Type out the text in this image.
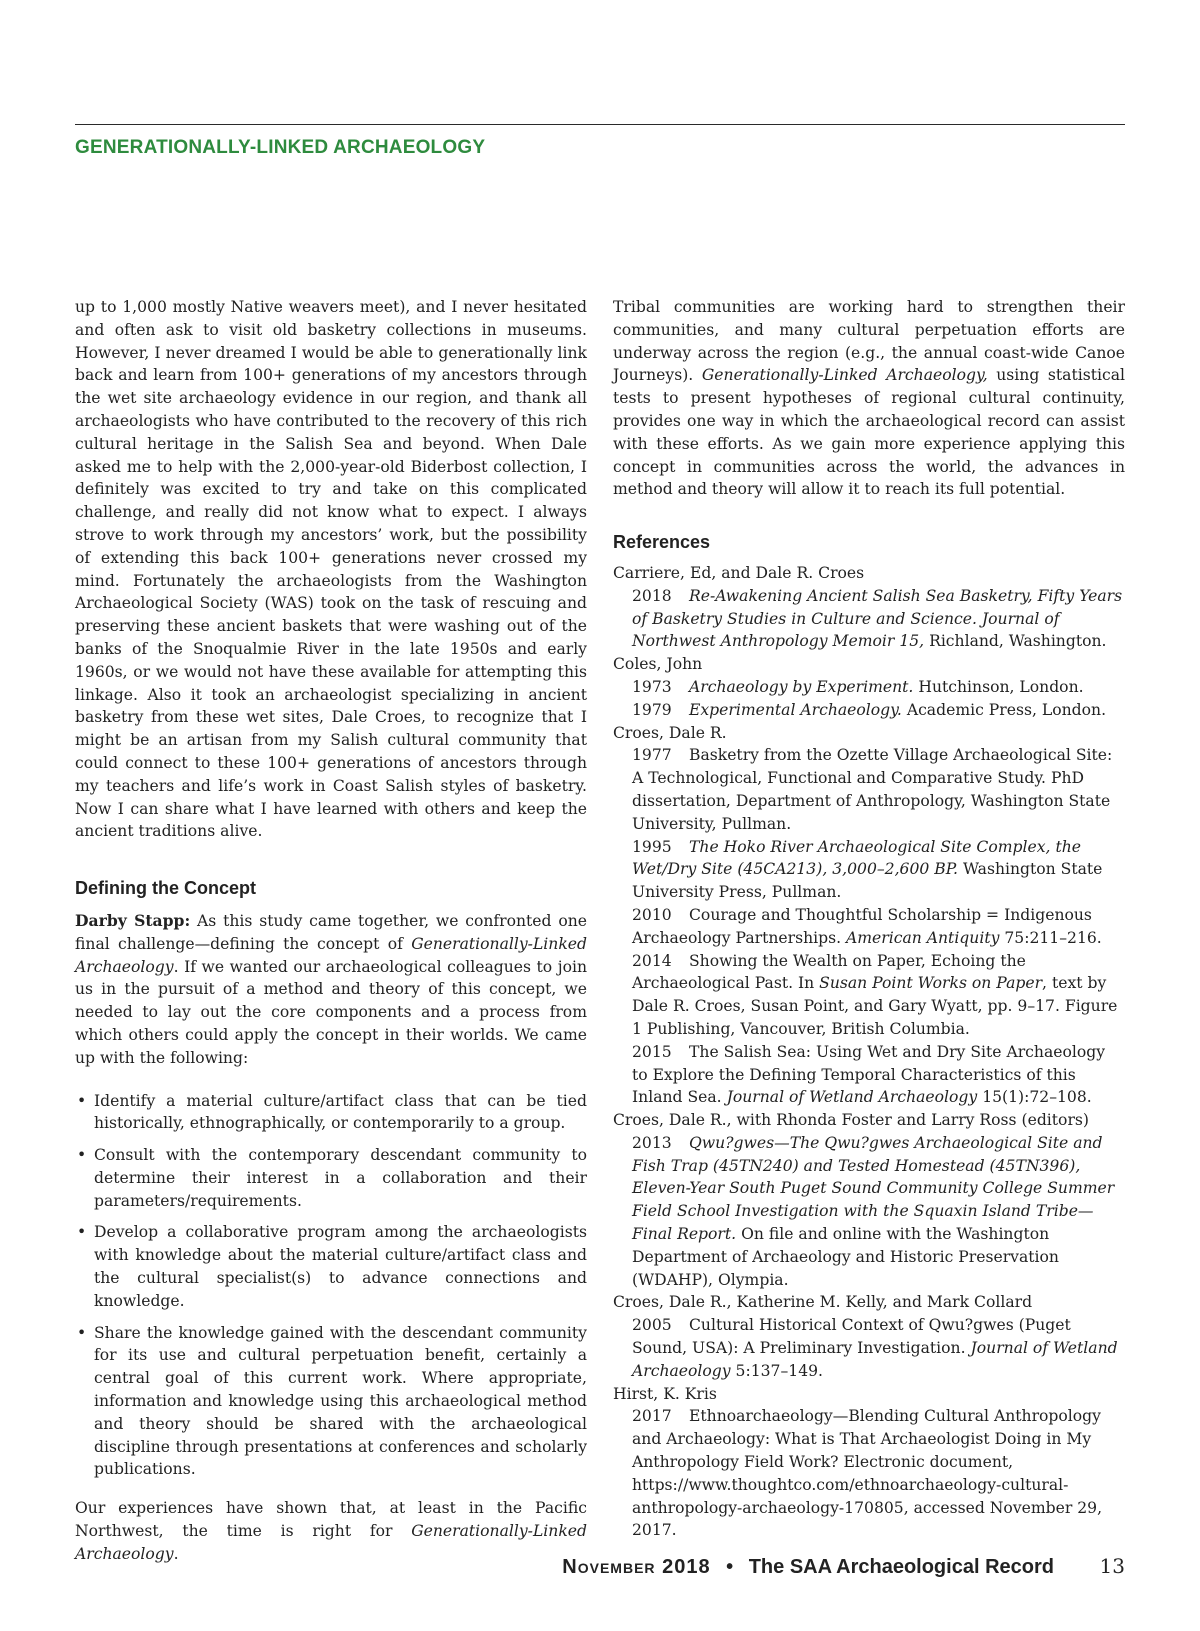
GENERATIONALLY-LINKED ARCHAEOLOGY

up to 1,000 mostly Native weavers meet), and I never hesitated and often ask to visit old basketry collections in museums. However, I never dreamed I would be able to generationally link back and learn from 100+ generations of my ancestors through the wet site archaeology evidence in our region, and thank all archaeologists who have contributed to the recovery of this rich cultural heritage in the Salish Sea and beyond. When Dale asked me to help with the 2,000-year-old Biderbost collection, I definitely was excited to try and take on this complicated challenge, and really did not know what to expect. I always strove to work through my ancestors’ work, but the possibility of extending this back 100+ generations never crossed my mind. Fortunately the archaeologists from the Washington Archaeological Society (WAS) took on the task of rescuing and preserving these ancient baskets that were washing out of the banks of the Snoqualmie River in the late 1950s and early 1960s, or we would not have these available for attempting this linkage. Also it took an archaeologist specializing in ancient basketry from these wet sites, Dale Croes, to recognize that I might be an artisan from my Salish cultural community that could connect to these 100+ generations of ancestors through my teachers and life’s work in Coast Salish styles of basketry. Now I can share what I have learned with others and keep the ancient traditions alive.

Defining the Concept

Darby Stapp: As this study came together, we confronted one final challenge—defining the concept of Generationally-Linked Archaeology. If we wanted our archaeological colleagues to join us in the pursuit of a method and theory of this concept, we needed to lay out the core components and a process from which others could apply the concept in their worlds. We came up with the following:

• Identify a material culture/artifact class that can be tied historically, ethnographically, or contemporarily to a group.
• Consult with the contemporary descendant community to determine their interest in a collaboration and their parameters/requirements.
• Develop a collaborative program among the archaeologists with knowledge about the material culture/artifact class and the cultural specialist(s) to advance connections and knowledge.
• Share the knowledge gained with the descendant community for its use and cultural perpetuation benefit, certainly a central goal of this current work. Where appropriate, information and knowledge using this archaeological method and theory should be shared with the archaeological discipline through presentations at conferences and scholarly publications.

Our experiences have shown that, at least in the Pacific Northwest, the time is right for Generationally-Linked Archaeology.

Tribal communities are working hard to strengthen their communities, and many cultural perpetuation efforts are underway across the region (e.g., the annual coast-wide Canoe Journeys). Generationally-Linked Archaeology, using statistical tests to present hypotheses of regional cultural continuity, provides one way in which the archaeological record can assist with these efforts. As we gain more experience applying this concept in communities across the world, the advances in method and theory will allow it to reach its full potential.

References
Carriere, Ed, and Dale R. Croes
2018 Re-Awakening Ancient Salish Sea Basketry, Fifty Years of Basketry Studies in Culture and Science. Journal of Northwest Anthropology Memoir 15, Richland, Washington.
Coles, John
1973 Archaeology by Experiment. Hutchinson, London.
1979 Experimental Archaeology. Academic Press, London.
Croes, Dale R.
1977 Basketry from the Ozette Village Archaeological Site: A Technological, Functional and Comparative Study. PhD dissertation, Department of Anthropology, Washington State University, Pullman.
1995 The Hoko River Archaeological Site Complex, the Wet/Dry Site (45CA213), 3,000–2,600 BP. Washington State University Press, Pullman.
2010 Courage and Thoughtful Scholarship = Indigenous Archaeology Partnerships. American Antiquity 75:211–216.
2014 Showing the Wealth on Paper, Echoing the Archaeological Past. In Susan Point Works on Paper, text by Dale R. Croes, Susan Point, and Gary Wyatt, pp. 9–17. Figure 1 Publishing, Vancouver, British Columbia.
2015 The Salish Sea: Using Wet and Dry Site Archaeology to Explore the Defining Temporal Characteristics of this Inland Sea. Journal of Wetland Archaeology 15(1):72–108.
Croes, Dale R., with Rhonda Foster and Larry Ross (editors)
2013 Qwu?gwes—The Qwu?gwes Archaeological Site and Fish Trap (45TN240) and Tested Homestead (45TN396), Eleven-Year South Puget Sound Community College Summer Field School Investigation with the Squaxin Island Tribe—Final Report. On file and online with the Washington Department of Archaeology and Historic Preservation (WDAHP), Olympia.
Croes, Dale R., Katherine M. Kelly, and Mark Collard
2005 Cultural Historical Context of Qwu?gwes (Puget Sound, USA): A Preliminary Investigation. Journal of Wetland Archaeology 5:137–149.
Hirst, K. Kris
2017 Ethnoarchaeology—Blending Cultural Anthropology and Archaeology: What is That Archaeologist Doing in My Anthropology Field Work? Electronic document, https://www.thoughtco.com/ethnoarchaeology-cultural-anthropology-archaeology-170805, accessed November 29, 2017.
November 2018 • The SAA Archaeological Record 13
